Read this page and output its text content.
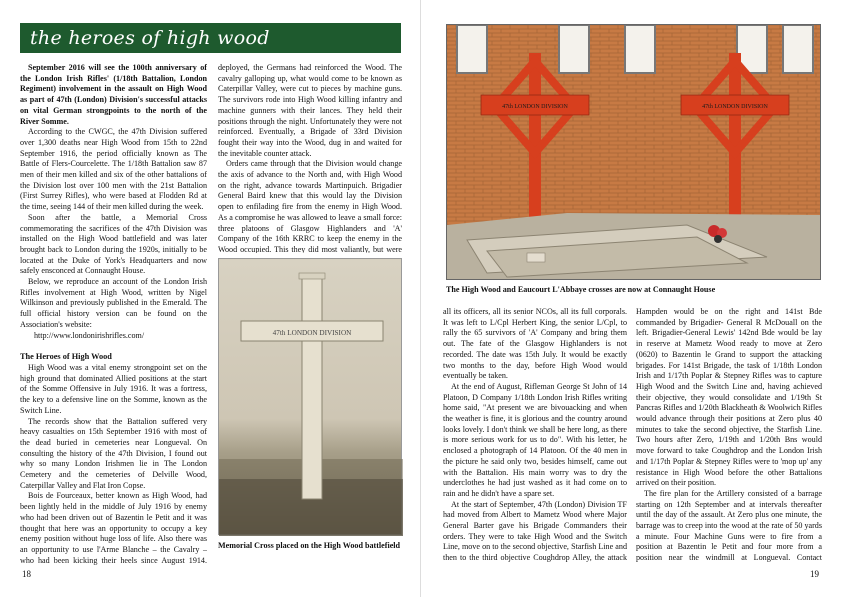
the heroes of high wood

September 2016 will see the 100th anniversary of the London Irish Rifles' (1/18th Battalion, London Regiment) involvement in the assault on High Wood as part of 47th (London) Division's successful attacks on vital German strongpoints to the north of the River Somme.

According to the CWGC, the 47th Division suffered over 1,300 deaths near High Wood from 15th to 22nd September 1916, the period officially known as The Battle of Flers-Courcelette. The 1/18th Battalion saw 87 men of their men killed and six of the other battalions of the Division lost over 100 men with the 21st Battalion (First Surrey Rifles), who were based at Flodden Rd at the time, seeing 144 of their men killed during the week.

Soon after the battle, a Memorial Cross commemorating the sacrifices of the 47th Division was installed on the High Wood battlefield and was later brought back to London during the 1920s, initially to be located at the Duke of York's Headquarters and now safely ensconced at Connaught House.

Below, we reproduce an account of the London Irish Rifles involvement at High Wood, written by Nigel Wilkinson and previously published in the Emerald. The full official history version can be found on the Association's website:

http://www.londonirishrifles.com/

The Heroes of High Wood

High Wood was a vital enemy strongpoint set on the high ground that dominated Allied positions at the start of the Somme Offensive in July 1916. It was a fortress, the key to a defensive line on the Somme, known as the Switch Line.

The records show that the Battalion suffered very heavy casualties on 15th September 1916 with most of the dead buried in cemeteries near Longueval. On consulting the history of the 47th Division, I found out why so many London Irishmen lie in The London Cemetery and the cemeteries of Delville Wood, Caterpillar Valley and Flat Iron Copse.

Bois de Fourceaux, better known as High Wood, had been lightly held in the middle of July 1916 by enemy who had been driven out of Bazentin le Petit and it was thought that here was an opportunity to occupy a key enemy position without huge loss of life. Also there was an opportunity to use l'Arme Blanche – the Cavalry – who had been kicking their heels since August 1914.

deployed, the Germans had reinforced the Wood. The cavalry galloping up, what would come to be known as Caterpillar Valley, were cut to pieces by machine guns. The survivors rode into High Wood killing infantry and machine gunners with their lances. They held their positions through the night. Unfortunately they were not reinforced. Eventually, a Brigade of 33rd Division fought their way into the Wood, dug in and waited for the inevitable counter attack.

Orders came through that the Division would change the axis of advance to the North and, with High Wood on the right, advance towards Martinpuich. Brigadier General Baird knew that this would lay the Division open to enfilading fire from the enemy in High Wood. As a compromise he was allowed to leave a small force: three platoons of Glasgow Highlanders and 'A' Company of the 16th KRRC to keep the enemy in the Wood occupied. This they did most valiantly, but were

47th LONDON DIVISION
Memorial Cross placed on the High Wood battlefield
18
47th LONDON DIVISION	47th LONDON DIVISION
The High Wood and Eaucourt L'Abbaye crosses are now at Connaught House

all its officers, all its senior NCOs, all its full corporals. It was left to L/Cpl Herbert King, the senior L/Cpl, to rally the 65 survivors of 'A' Company and bring them out. The fate of the Glasgow Highlanders is not recorded. The date was 15th July. It would be exactly two months to the day, before High Wood would eventually be taken.

At the end of August, Rifleman George St John of 14 Platoon, D Company 1/18th London Irish Rifles writing home said, "At present we are bivouacking and when the weather is fine, it is glorious and the country around looks lovely. I don't think we shall be here long, as there is more serious work for us to do". With his letter, he enclosed a photograph of 14 Platoon. Of the 40 men in the picture he said only two, besides himself, came out with the Battalion. His main worry was to dry the underclothes he had just washed as it had come on to rain and he didn't have a spare set.

At the start of September, 47th (London) Division TF had moved from Albert to Mametz Wood where Major General Barter gave his Brigade Commanders their orders. They were to take High Wood and the Switch Line, move on to the second objective, Starfish Line and then to the third objective Coughdrop Alley, the attack

Hampden would be on the right and 141st Bde commanded by Brigadier- General R McDouall on the left. Brigadier-General Lewis' 142nd Bde would be lay in reserve at Mametz Wood ready to move at Zero (0620) to Bazentin le Grand to support the attacking brigades. For 141st Brigade, the task of 1/18th London Irish and 1/17th Poplar & Stepney Rifles was to capture High Wood and the Switch Line and, having achieved their objective, they would consolidate and 1/19th St Pancras Rifles and 1/20th Blackheath & Woolwich Rifles would advance through their positions at Zero plus 40 minutes to take the second objective, the Starfish Line. Two hours after Zero, 1/19th and 1/20th Bns would move forward to take Coughdrop and the London Irish and 1/17th Poplar & Stepney Rifles were to 'mop up' any resistance in High Wood before the other Battalions arrived on their position.

The fire plan for the Artillery consisted of a barrage starting on 12th September and at intervals thereafter until the day of the assault. At Zero plus one minute, the barrage was to creep into the wood at the rate of 50 yards a minute. Four Machine Guns were to fire from a position at Bazentin le Petit and four more from a position near the windmill at Longueval. Contact

19
